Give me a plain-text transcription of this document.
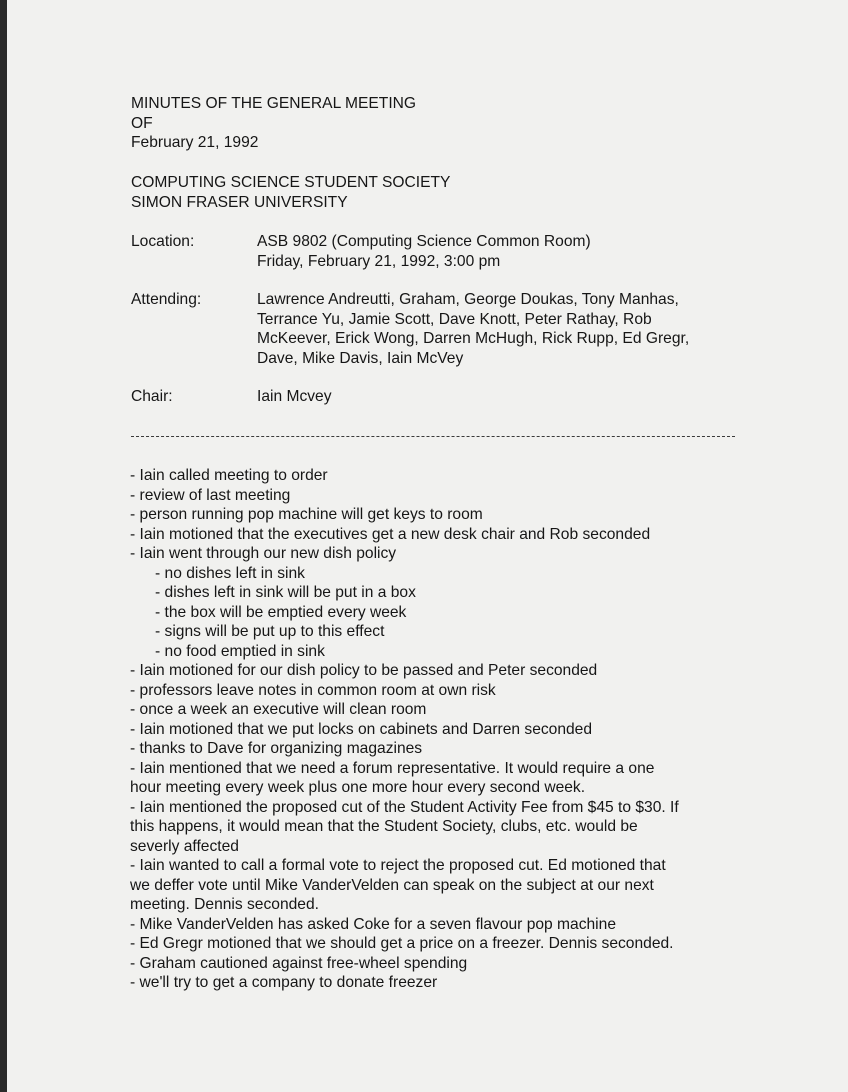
MINUTES OF THE GENERAL MEETING
OF
February 21, 1992
COMPUTING SCIENCE STUDENT SOCIETY
SIMON FRASER UNIVERSITY
Location:	ASB 9802 (Computing Science Common Room)
Friday, February 21, 1992, 3:00 pm
Attending:	Lawrence Andreutti, Graham, George Doukas, Tony Manhas,
Terrance Yu, Jamie Scott, Dave Knott, Peter Rathay, Rob
McKeever, Erick Wong, Darren McHugh, Rick Rupp, Ed Gregr,
Dave, Mike Davis, Iain McVey
Chair:	Iain Mcvey
- Iain called meeting to order
- review of last meeting
- person running pop machine will get keys to room
- Iain motioned that the executives get a new desk chair and Rob seconded
- Iain went through our new dish policy
- no dishes left in sink
- dishes left in sink will be put in a box
- the box will be emptied every week
- signs will be put up to this effect
- no food emptied in sink
- Iain motioned for our dish policy to be passed and Peter seconded
- professors leave notes in common room at own risk
- once a week an executive will clean room
- Iain motioned that we put locks on cabinets and Darren seconded
- thanks to Dave for organizing magazines
- Iain mentioned that we need a forum representative. It would require a one
hour meeting every week plus one more hour every second week.
- Iain mentioned the proposed cut of the Student Activity Fee from $45 to $30. If
this happens, it would mean that the Student Society, clubs, etc. would be
severly affected
- Iain wanted to call a formal vote to reject the proposed cut. Ed motioned that
we deffer vote until Mike VanderVelden can speak on the subject at our next
meeting. Dennis seconded.
- Mike VanderVelden has asked Coke for a seven flavour pop machine
- Ed Gregr motioned that we should get a price on a freezer. Dennis seconded.
- Graham cautioned against free-wheel spending
- we'll try to get a company to donate freezer
